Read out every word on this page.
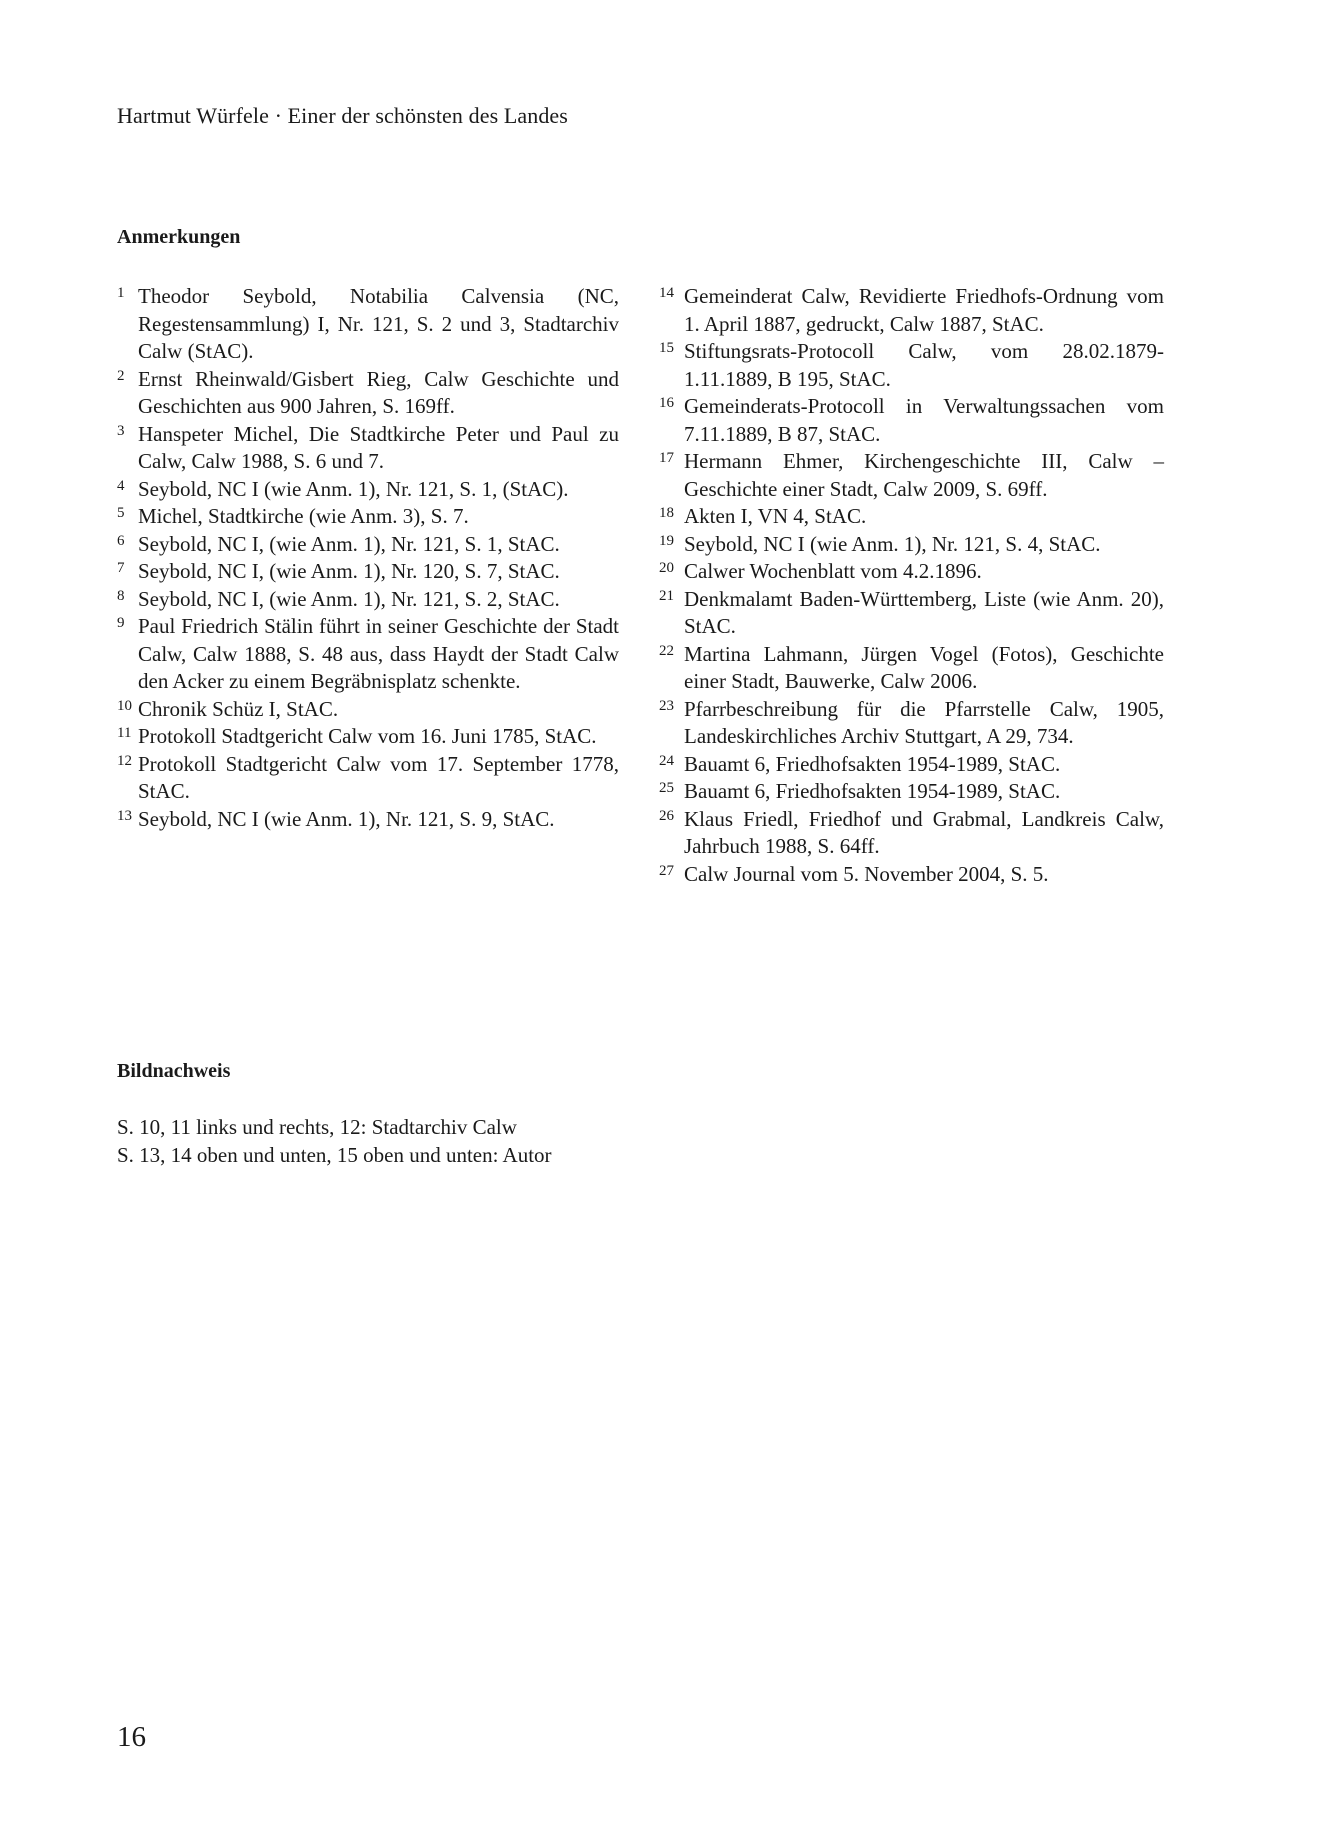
Hartmut Würfele · Einer der schönsten des Landes
Anmerkungen
1 Theodor Seybold, Notabilia Calvensia (NC, Regestensammlung) I, Nr. 121, S. 2 und 3, Stadtarchiv Calw (StAC).
2 Ernst Rheinwald/Gisbert Rieg, Calw Geschichte und Geschichten aus 900 Jahren, S. 169ff.
3 Hanspeter Michel, Die Stadtkirche Peter und Paul zu Calw, Calw 1988, S. 6 und 7.
4 Seybold, NC I (wie Anm. 1), Nr. 121, S. 1, (StAC).
5 Michel, Stadtkirche (wie Anm. 3), S. 7.
6 Seybold, NC I, (wie Anm. 1), Nr. 121, S. 1, StAC.
7 Seybold, NC I, (wie Anm. 1), Nr. 120, S. 7, StAC.
8 Seybold, NC I, (wie Anm. 1), Nr. 121, S. 2, StAC.
9 Paul Friedrich Stälin führt in seiner Geschichte der Stadt Calw, Calw 1888, S. 48 aus, dass Haydt der Stadt Calw den Acker zu einem Begräbnisplatz schenkte.
10 Chronik Schüz I, StAC.
11 Protokoll Stadtgericht Calw vom 16. Juni 1785, StAC.
12 Protokoll Stadtgericht Calw vom 17. September 1778, StAC.
13 Seybold, NC I (wie Anm. 1), Nr. 121, S. 9, StAC.
14 Gemeinderat Calw, Revidierte Friedhofs-Ordnung vom 1. April 1887, gedruckt, Calw 1887, StAC.
15 Stiftungsrats-Protocoll Calw, vom 28.02.1879-1.11.1889, B 195, StAC.
16 Gemeinderats-Protocoll in Verwaltungssachen vom 7.11.1889, B 87, StAC.
17 Hermann Ehmer, Kirchengeschichte III, Calw – Geschichte einer Stadt, Calw 2009, S. 69ff.
18 Akten I, VN 4, StAC.
19 Seybold, NC I (wie Anm. 1), Nr. 121, S. 4, StAC.
20 Calwer Wochenblatt vom 4.2.1896.
21 Denkmalamt Baden-Württemberg, Liste (wie Anm. 20), StAC.
22 Martina Lahmann, Jürgen Vogel (Fotos), Geschichte einer Stadt, Bauwerke, Calw 2006.
23 Pfarrbeschreibung für die Pfarrstelle Calw, 1905, Landeskirchliches Archiv Stuttgart, A 29, 734.
24 Bauamt 6, Friedhofsakten 1954-1989, StAC.
25 Bauamt 6, Friedhofsakten 1954-1989, StAC.
26 Klaus Friedl, Friedhof und Grabmal, Landkreis Calw, Jahrbuch 1988, S. 64ff.
27 Calw Journal vom 5. November 2004, S. 5.
Bildnachweis
S. 10, 11 links und rechts, 12: Stadtarchiv Calw
S. 13, 14 oben und unten, 15 oben und unten: Autor
16
